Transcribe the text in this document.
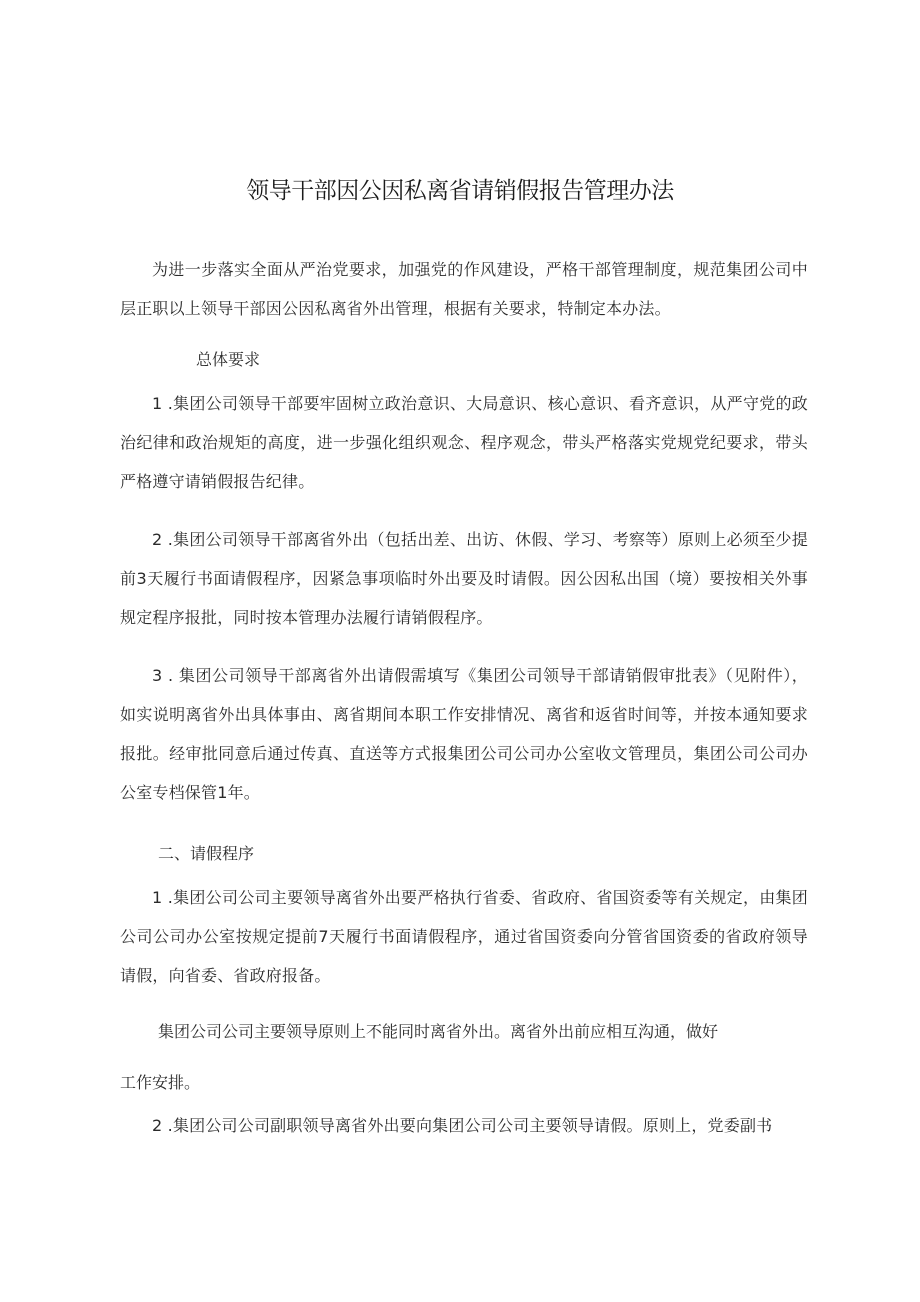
领导干部因公因私离省请销假报告管理办法
为进一步落实全面从严治党要求，加强党的作风建设，严格干部管理制度，规范集团公司中层正职以上领导干部因公因私离省外出管理，根据有关要求，特制定本办法。
总体要求
1 .集团公司领导干部要牢固树立政治意识、大局意识、核心意识、看齐意识，从严守党的政治纪律和政治规矩的高度，进一步强化组织观念、程序观念，带头严格落实党规党纪要求，带头严格遵守请销假报告纪律。
2 .集团公司领导干部离省外出（包括出差、出访、休假、学习、考察等）原则上必须至少提前3天履行书面请假程序，因紧急事项临时外出要及时请假。因公因私出国（境）要按相关外事规定程序报批，同时按本管理办法履行请销假程序。
3 . 集团公司领导干部离省外出请假需填写《集团公司领导干部请销假审批表》（见附件），如实说明离省外出具体事由、离省期间本职工作安排情况、离省和返省时间等，并按本通知要求报批。经审批同意后通过传真、直送等方式报集团公司公司办公室收文管理员，集团公司公司办公室专档保管1年。
二、请假程序
1 .集团公司公司主要领导离省外出要严格执行省委、省政府、省国资委等有关规定，由集团公司公司办公室按规定提前7天履行书面请假程序，通过省国资委向分管省国资委的省政府领导请假，向省委、省政府报备。
集团公司公司主要领导原则上不能同时离省外出。离省外出前应相互沟通，做好
工作安排。
2 .集团公司公司副职领导离省外出要向集团公司公司主要领导请假。原则上，党委副书
